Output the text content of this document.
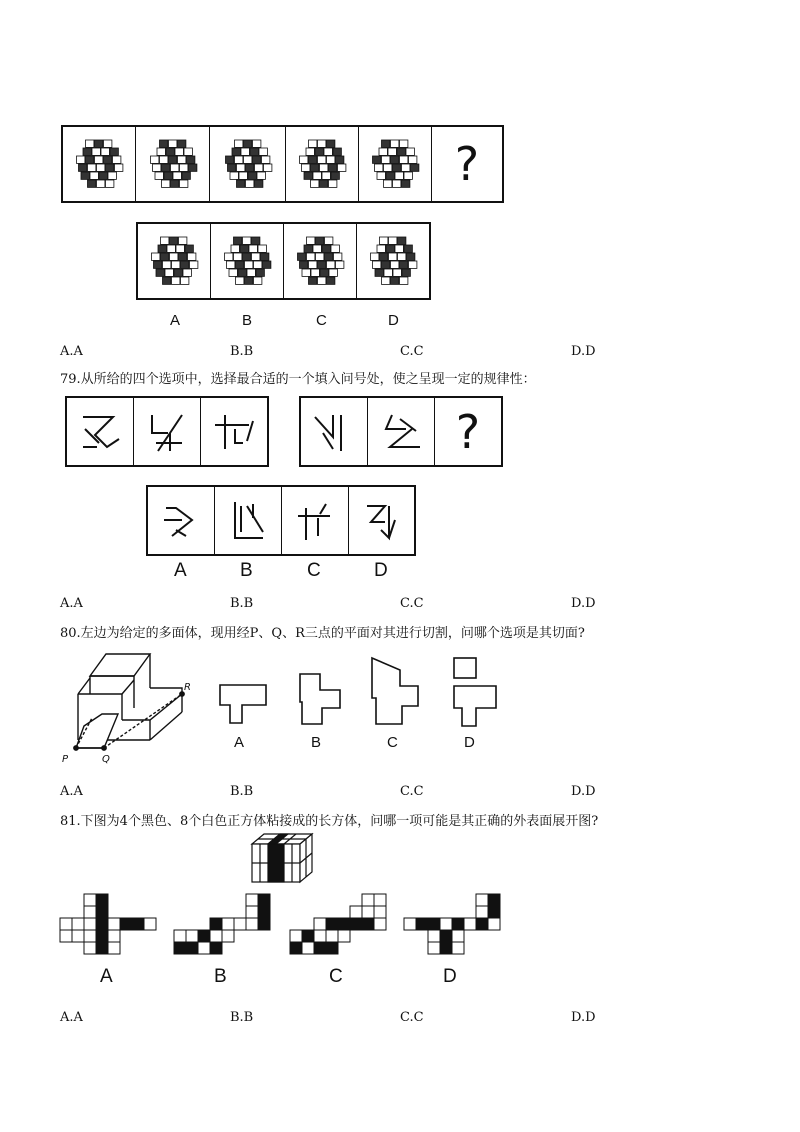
?
A	B	C	D
A.A	B.B	C.C	D.D
79.从所给的四个选项中，选择最合适的一个填入问号处，使之呈现一定的规律性：
?
A	B	C	D
A.A	B.B	C.C	D.D
80.左边为给定的多面体，现用经P、Q、R三点的平面对其进行切割，问哪个选项是其切面?
P	Q
R
A	B	C	D
A.A	B.B	C.C	D.D
81.下图为4个黑色、8个白色正方体粘接成的长方体，问哪一项可能是其正确的外表面展开图?
A	B	C	D
A.A	B.B	C.C	D.D
